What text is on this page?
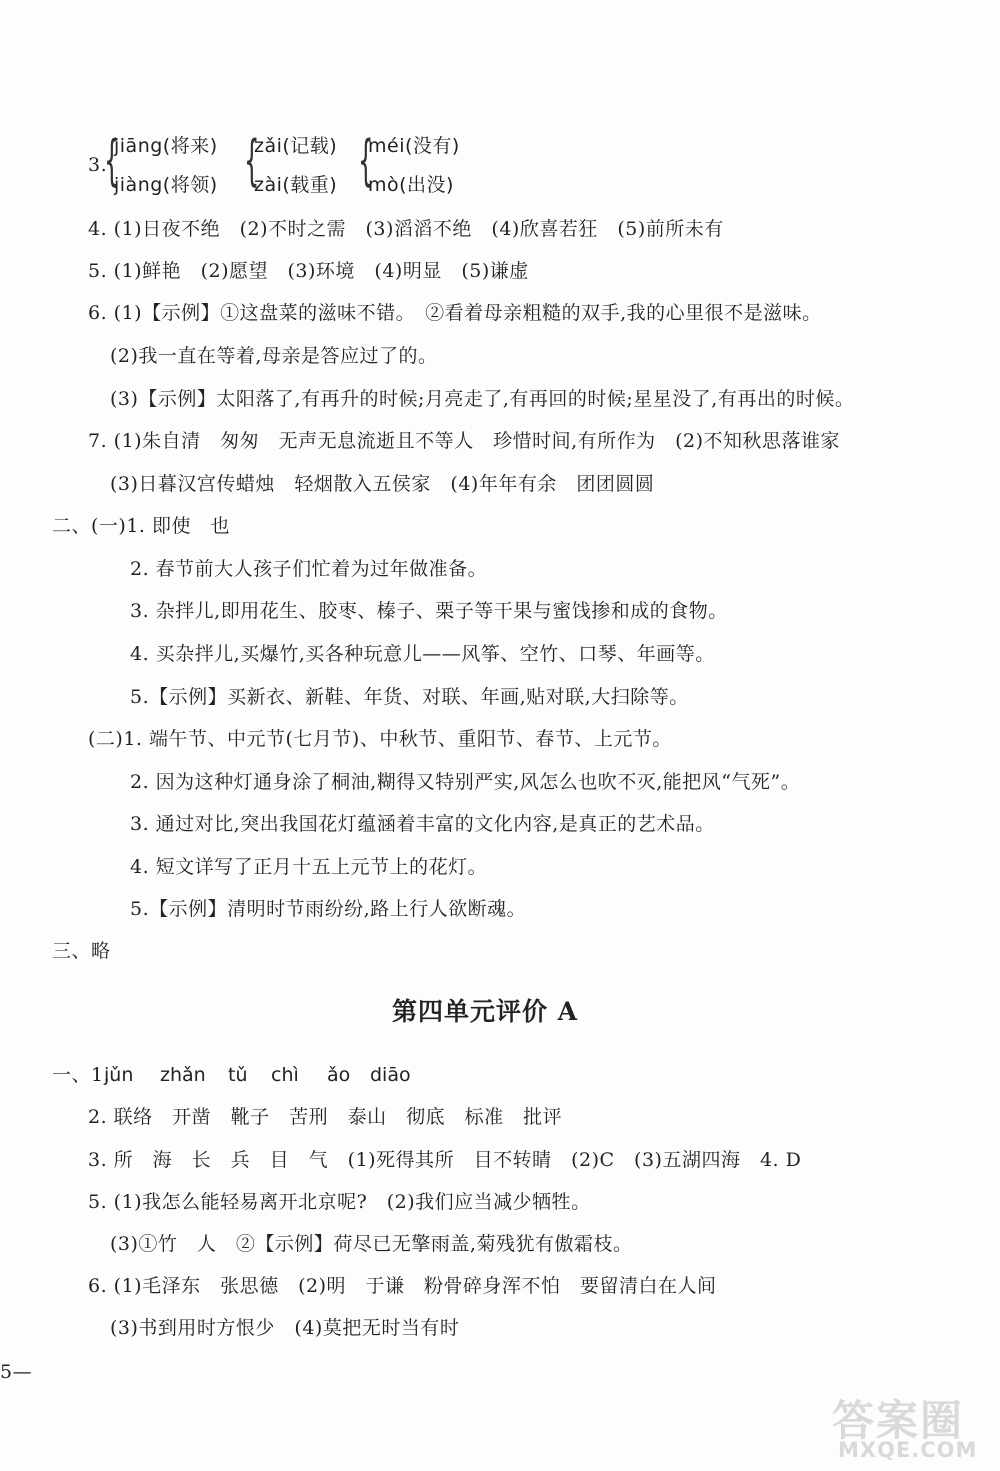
3.
{
jiāng(将来)
jiàng(将领) {
zǎi(记载)
zài(载重) {
méi(没有)
mò(出没)
4. (1)日夜不绝　(2)不时之需　(3)滔滔不绝　(4)欣喜若狂　(5)前所未有
5. (1)鲜艳　(2)愿望　(3)环境　(4)明显　(5)谦虚
6. (1)【示例】①这盘菜的滋味不错。　②看着母亲粗糙的双手,我的心里很不是滋味。
(2)我一直在等着,母亲是答应过了的。
(3)【示例】太阳落了,有再升的时候;月亮走了,有再回的时候;星星没了,有再出的时候。
7. (1)朱自清　匆匆　无声无息流逝且不等人　珍惜时间,有所作为　(2)不知秋思落谁家
(3)日暮汉宫传蜡烛　轻烟散入五侯家　(4)年年有余　团团圆圆
二、(一)1. 即使　也
2. 春节前大人孩子们忙着为过年做准备。
3. 杂拌儿,即用花生、胶枣、榛子、栗子等干果与蜜饯掺和成的食物。
4. 买杂拌儿,买爆竹,买各种玩意儿——风筝、空竹、口琴、年画等。
5.【示例】买新衣、新鞋、年货、对联、年画,贴对联,大扫除等。
(二)1. 端午节、中元节(七月节)、中秋节、重阳节、春节、上元节。
2. 因为这种灯通身涂了桐油,糊得又特别严实,风怎么也吹不灭,能把风“气死”。
3. 通过对比,突出我国花灯蕴涵着丰富的文化内容,是真正的艺术品。
4. 短文详写了正月十五上元节上的花灯。
5.【示例】清明时节雨纷纷,路上行人欲断魂。
三、略
第四单元评价 A
一、1.
jǔn zhǎn tǔ chì ǎo diāo
2. 联络　开凿　靴子　苦刑　泰山　彻底　标准　批评
3. 所　海　长　兵　目　气　(1)死得其所　目不转睛　(2)C　(3)五湖四海　4. D
5. (1)我怎么能轻易离开北京呢?　(2)我们应当减少牺牲。
(3)①竹　人　②【示例】荷尽已无擎雨盖,菊残犹有傲霜枝。
6. (1)毛泽东　张思德　(2)明　于谦　粉骨碎身浑不怕　要留清白在人间
(3)书到用时方恨少　(4)莫把无时当有时
5—
答案圈
MXQE.COM
